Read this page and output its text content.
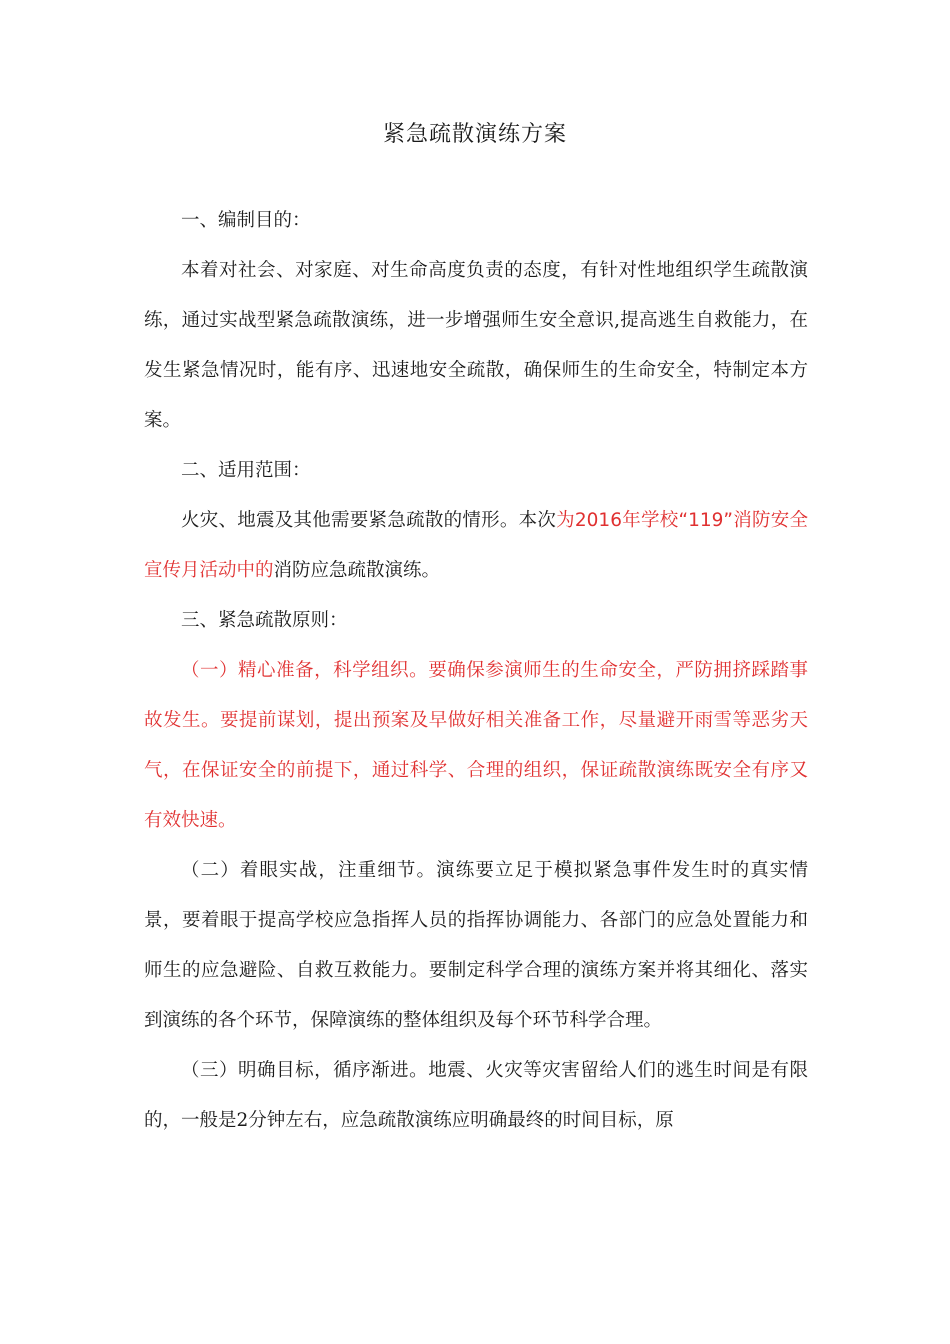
紧急疏散演练方案

一、编制目的：

本着对社会、对家庭、对生命高度负责的态度，有针对性地组织学生疏散演练，通过实战型紧急疏散演练，进一步增强师生安全意识,提高逃生自救能力，在发生紧急情况时，能有序、迅速地安全疏散，确保师生的生命安全，特制定本方案。

二、适用范围：

火灾、地震及其他需要紧急疏散的情形。本次为2016年学校“119”消防安全宣传月活动中的消防应急疏散演练。

三、紧急疏散原则：

（一）精心准备，科学组织。要确保参演师生的生命安全，严防拥挤踩踏事故发生。要提前谋划，提出预案及早做好相关准备工作，尽量避开雨雪等恶劣天气，在保证安全的前提下，通过科学、合理的组织，保证疏散演练既安全有序又有效快速。

（二）着眼实战，注重细节。演练要立足于模拟紧急事件发生时的真实情景，要着眼于提高学校应急指挥人员的指挥协调能力、各部门的应急处置能力和师生的应急避险、自救互救能力。要制定科学合理的演练方案并将其细化、落实到演练的各个环节，保障演练的整体组织及每个环节科学合理。

（三）明确目标，循序渐进。地震、火灾等灾害留给人们的逃生时间是有限的，一般是2分钟左右，应急疏散演练应明确最终的时间目标，原
